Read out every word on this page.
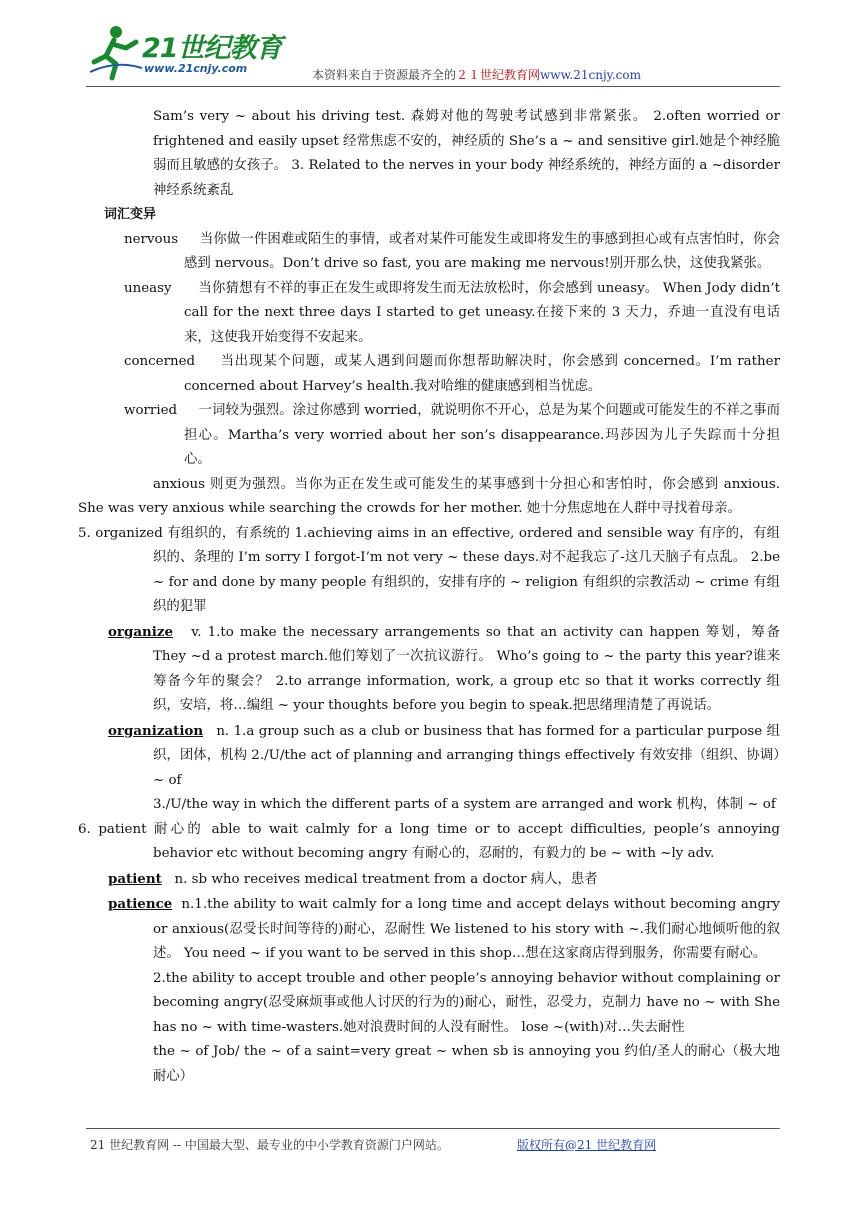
21世纪教育
www.21cnjy.com	本资料来自于资源最齐全的２１世纪教育网www.21cnjy.com

Sam’s very ~ about his driving test. 森姆对他的驾驶考试感到非常紧张。 2.often worried or frightened and easily upset 经常焦虑不安的，神经质的 She’s a ~ and sensitive girl.她是个神经脆弱而且敏感的女孩子。 3. Related to the nerves in your body 神经系统的，神经方面的 a ~disorder 神经系统紊乱

词汇变异

nervous 当你做一件困难或陌生的事情，或者对某件可能发生或即将发生的事感到担心或有点害怕时，你会感到 nervous。Don’t drive so fast, you are making me nervous!别开那么快，这使我紧张。

uneasy 当你猜想有不祥的事正在发生或即将发生而无法放松时，你会感到 uneasy。 When Jody didn’t call for the next three days I started to get uneasy.在接下来的 3 天力，乔迪一直没有电话来，这使我开始变得不安起来。

concerned 当出现某个问题，或某人遇到问题而你想帮助解决时，你会感到 concerned。I’m rather concerned about Harvey’s health.我对哈维的健康感到相当忧虑。

worried 一词较为强烈。涂过你感到 worried，就说明你不开心，总是为某个问题或可能发生的不祥之事而担心。Martha’s very worried about her son’s disappearance.玛莎因为儿子失踪而十分担心。

anxious 则更为强烈。当你为正在发生或可能发生的某事感到十分担心和害怕时，你会感到 anxious. She was very anxious while searching the crowds for her mother. 她十分焦虑地在人群中寻找着母亲。

5. organized 有组织的，有系统的 1.achieving aims in an effective, ordered and sensible way 有序的，有组织的、条理的 I’m sorry I forgot-I’m not very ~ these days.对不起我忘了-这几天脑子有点乱。 2.be ~ for and done by many people 有组织的，安排有序的 ~ religion 有组织的宗教活动 ~ crime 有组织的犯罪

organize v. 1.to make the necessary arrangements so that an activity can happen 筹划，筹备 They ~d a protest march.他们筹划了一次抗议游行。 Who’s going to ~ the party this year?谁来筹备今年的聚会？ 2.to arrange information, work, a group etc so that it works correctly 组织，安培，将…编组 ~ your thoughts before you begin to speak.把思绪理清楚了再说话。

organization n. 1.a group such as a club or business that has formed for a particular purpose 组织，团体，机构 2./U/the act of planning and arranging things effectively 有效安排（组织、协调）~ of

3./U/the way in which the different parts of a system are arranged and work 机构，体制 ~ of

6. patient 耐心的 able to wait calmly for a long time or to accept difficulties, people’s annoying behavior etc without becoming angry 有耐心的，忍耐的，有毅力的 be ~ with ~ly adv.

patient n. sb who receives medical treatment from a doctor 病人，患者

patience n.1.the ability to wait calmly for a long time and accept delays without becoming angry or anxious(忍受长时间等待的)耐心，忍耐性 We listened to his story with ~.我们耐心地倾听他的叙述。 You need ~ if you want to be served in this shop…想在这家商店得到服务，你需要有耐心。

2.the ability to accept trouble and other people’s annoying behavior without complaining or becoming angry(忍受麻烦事或他人讨厌的行为的)耐心，耐性，忍受力，克制力 have no ~ with She has no ~ with time-wasters.她对浪费时间的人没有耐性。 lose ~(with)对…失去耐性

the ~ of Job/ the ~ of a saint=very great ~ when sb is annoying you 约伯/圣人的耐心（极大地耐心）

21 世纪教育网 -- 中国最大型、最专业的中小学教育资源门户网站。	版权所有@21 世纪教育网
